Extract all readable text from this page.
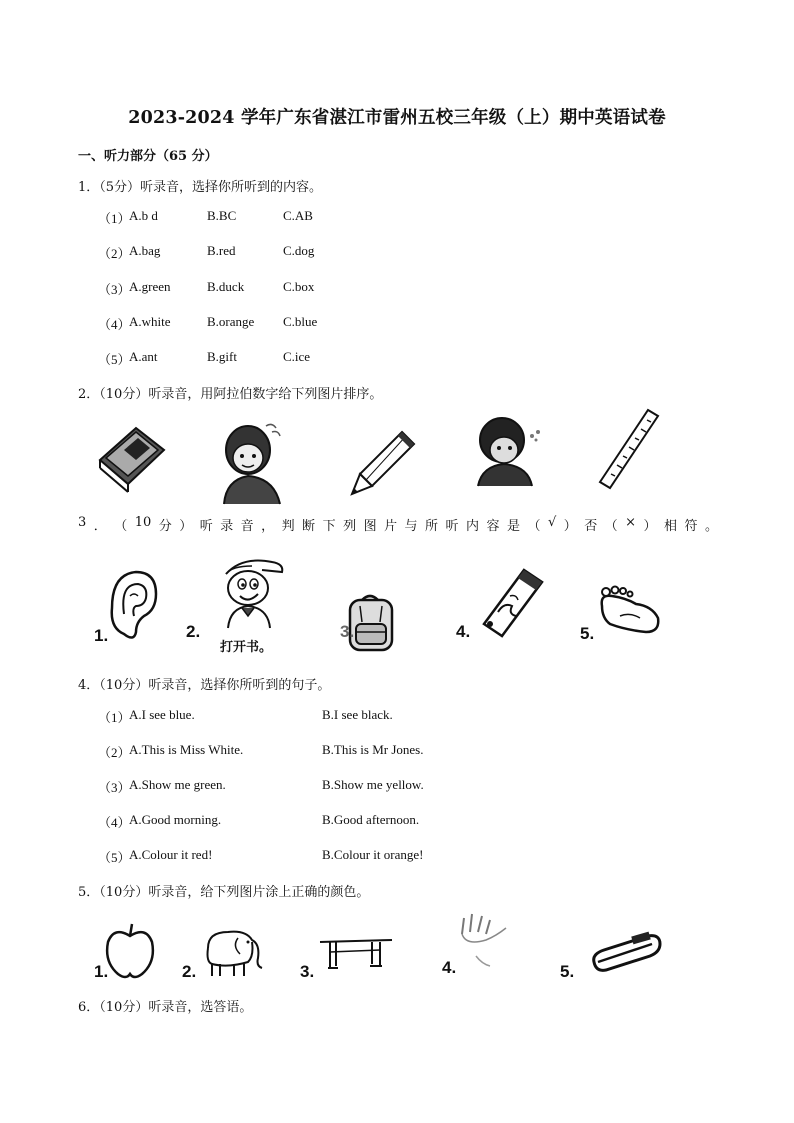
2023-2024 学年广东省湛江市雷州五校三年级（上）期中英语试卷
一、听力部分（65 分）
1．（5分）听录音，选择你所听到的内容。
（1）
A.b d	B.BC	C.AB
（2）
A.bag	B.red	C.dog
（3）
A.green	B.duck	C.box
（4）
A.white	B.orange C.blue
（5）
A.ant	B.gift	C.ice
2．（10分）听录音，用阿拉伯数字给下列图片排序。
3 ． （ 10 分 ） 听 录 音 ， 判 断 下 列 图 片 与 所 听 内 容 是 （ √ ） 否 （ × ） 相 符 。
1.	2.
打开书。
3.	4.	5.
4．（10分）听录音，选择你所听到的句子。
（1）
A.I see blue.	B.I see black.
（2）
A.This is Miss White.	B.This is Mr Jones.
（3）
A.Show me green.	B.Show me yellow.
（4）
A.Good morning.	B.Good afternoon.
（5）
A.Colour it red!	B.Colour it orange!
5．（10分）听录音，给下列图片涂上正确的颜色。
1.	2.	3.	4.	5.
6．（10分）听录音，选答语。
